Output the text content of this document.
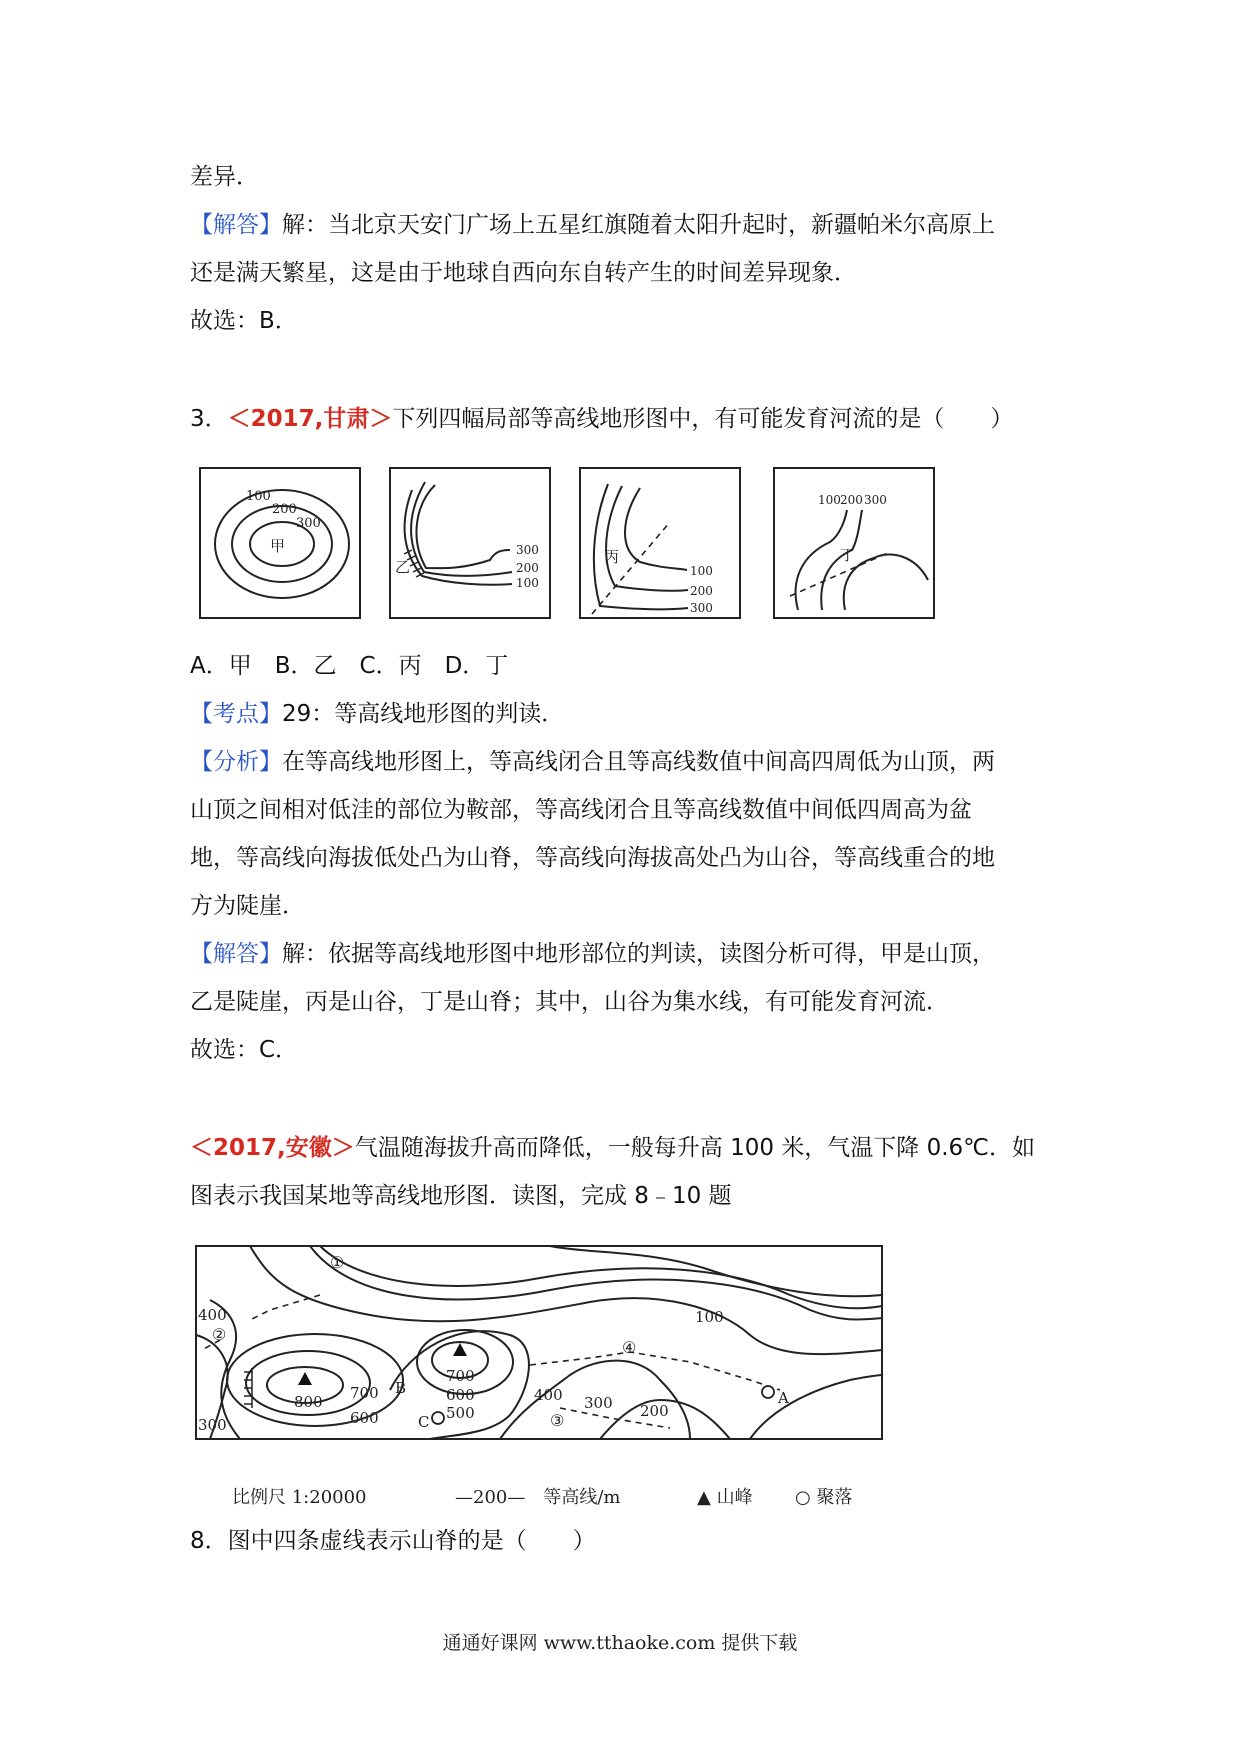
差异．
【解答】解：当北京天安门广场上五星红旗随着太阳升起时，新疆帕米尔高原上
还是满天繁星，这是由于地球自西向东自转产生的时间差异现象．
故选：B．
3．＜2017,甘肃＞下列四幅局部等高线地形图中，有可能发育河流的是（　　）
100
200
300
甲
乙
300
200
100
丙
100
200
300
丁
100 200 300
A．甲　B．乙　C．丙　D．丁
【考点】29：等高线地形图的判读．
【分析】在等高线地形图上，等高线闭合且等高线数值中间高四周低为山顶，两
山顶之间相对低洼的部位为鞍部，等高线闭合且等高线数值中间低四周高为盆
地，等高线向海拔低处凸为山脊，等高线向海拔高处凸为山谷，等高线重合的地
方为陡崖．
【解答】解：依据等高线地形图中地形部位的判读，读图分析可得，甲是山顶，
乙是陡崖，丙是山谷，丁是山脊；其中，山谷为集水线，有可能发育河流．
故选：C．
＜2017,安徽＞气温随海拔升高而降低，一般每升高 100 米，气温下降 0.6℃．如
图表示我国某地等高线地形图．读图，完成 8﹣10 题
①
②
③
④
100
400
300
800 700
600
B
700
600
500
C
400 300 200
A
比例尺 1:20000	—200—　等高线/m	▲ 山峰 ○ 聚落
8．图中四条虚线表示山脊的是（　　）
通通好课网 www.tthaoke.com 提供下载
